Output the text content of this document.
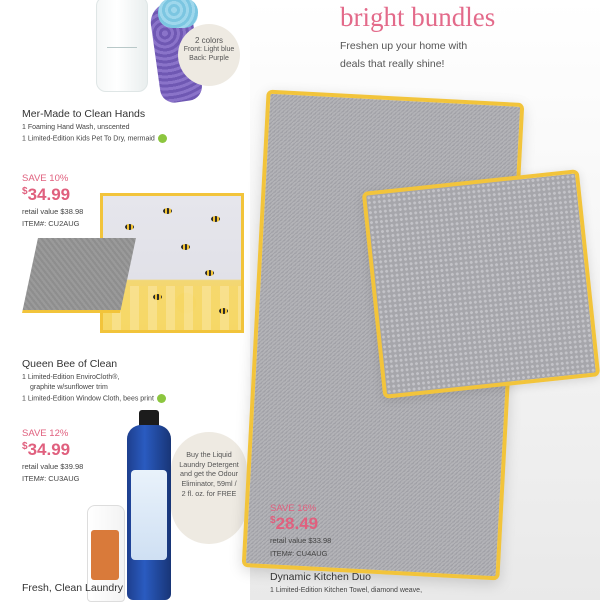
2 colors
Front: Light blue
Back: Purple
Mer-Made to Clean Hands
1 Foaming Hand Wash, unscented
1 Limited-Edition Kids Pet To Dry, mermaid
SAVE 10%
$34.99
retail value $38.98
ITEM#: CU2AUG
Queen Bee of Clean
1 Limited-Edition EnviroCloth®,
graphite w/sunflower trim
1 Limited-Edition Window Cloth, bees print
SAVE 12%
$34.99
retail value $39.98
ITEM#: CU3AUG
Buy the Liquid
Laundry Detergent
and get the Odour
Eliminator, 59ml /
2 fl. oz. for FREE
Fresh, Clean Laundry
bright bundles
Freshen up your home with
deals that really shine!
SAVE 16%
$28.49
retail value $33.98
ITEM#: CU4AUG
Dynamic Kitchen Duo
1 Limited-Edition Kitchen Towel, diamond weave,
